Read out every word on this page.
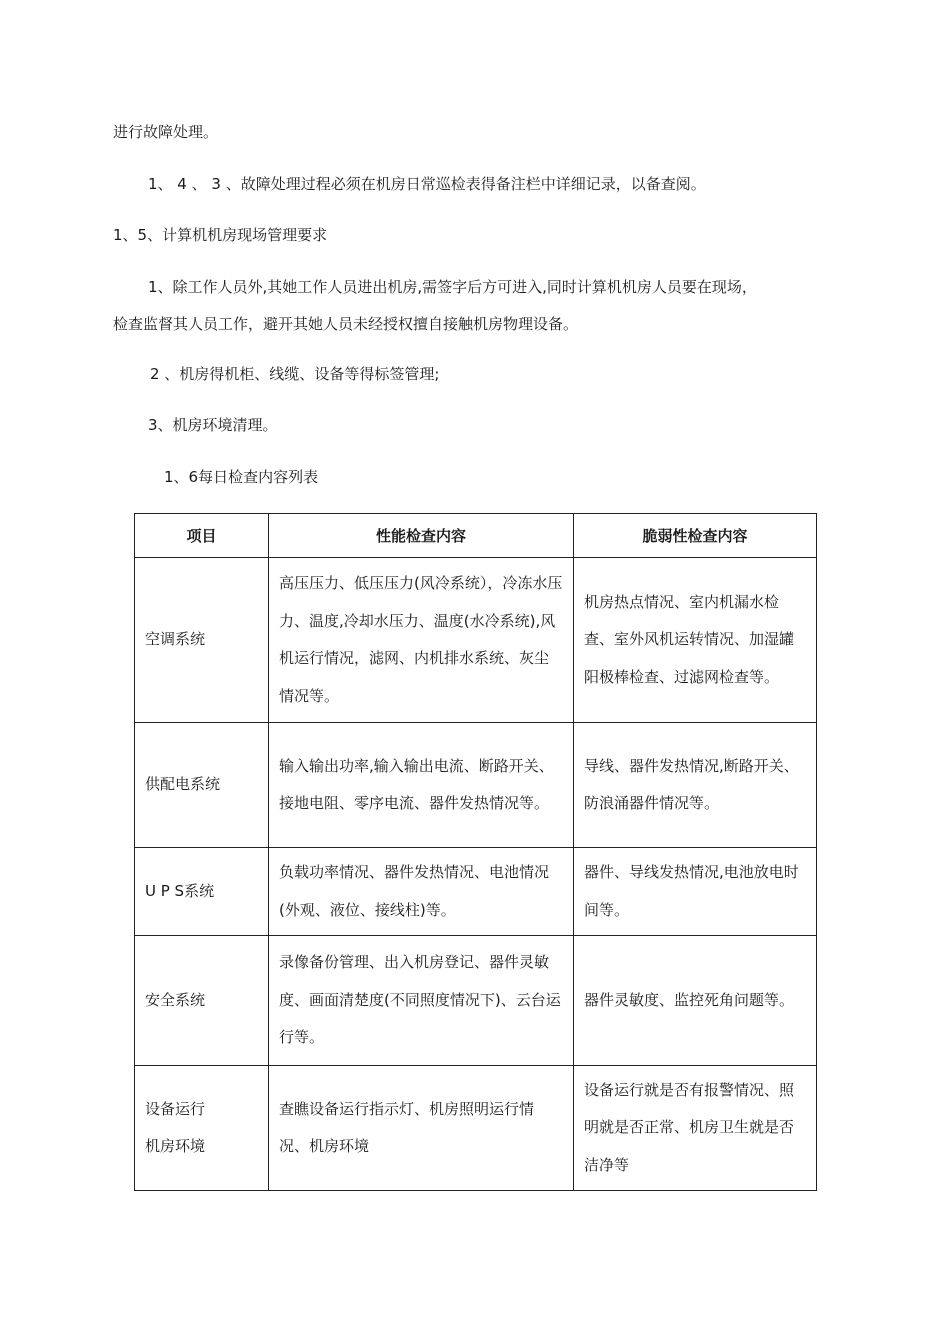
进行故障处理。
1、 4 、 3 、故障处理过程必须在机房日常巡检表得备注栏中详细记录，以备查阅。
1、5、计算机机房现场管理要求
1、除工作人员外,其她工作人员进出机房,需签字后方可进入,同时计算机机房人员要在现场，
检查监督其人员工作，避开其她人员未经授权擅自接触机房物理设备。
2 、机房得机柜、线缆、设备等得标签管理;
3、机房环境清理。
1、6每日检查内容列表
项目	性能检查内容	脆弱性检查内容
空调系统	高压压力、低压压力(风冷系统），冷冻水压力、温度,冷却水压力、温度(水冷系统),风机运行情况，滤网、内机排水系统、灰尘情况等。	机房热点情况、室内机漏水检查、室外风机运转情况、加湿罐阳极棒检查、过滤网检查等。
供配电系统	输入输出功率,输入输出电流、断路开关、接地电阻、零序电流、器件发热情况等。	导线、器件发热情况,断路开关、防浪涌器件情况等。
U P S系统	负载功率情况、器件发热情况、电池情况(外观、液位、接线柱)等。	器件、导线发热情况,电池放电时间等。
安全系统	录像备份管理、出入机房登记、器件灵敏度、画面清楚度(不同照度情况下)、云台运行等。	器件灵敏度、监控死角问题等。
设备运行
机房环境	查瞧设备运行指示灯、机房照明运行情况、机房环境	设备运行就是否有报警情况、照明就是否正常、机房卫生就是否洁净等
